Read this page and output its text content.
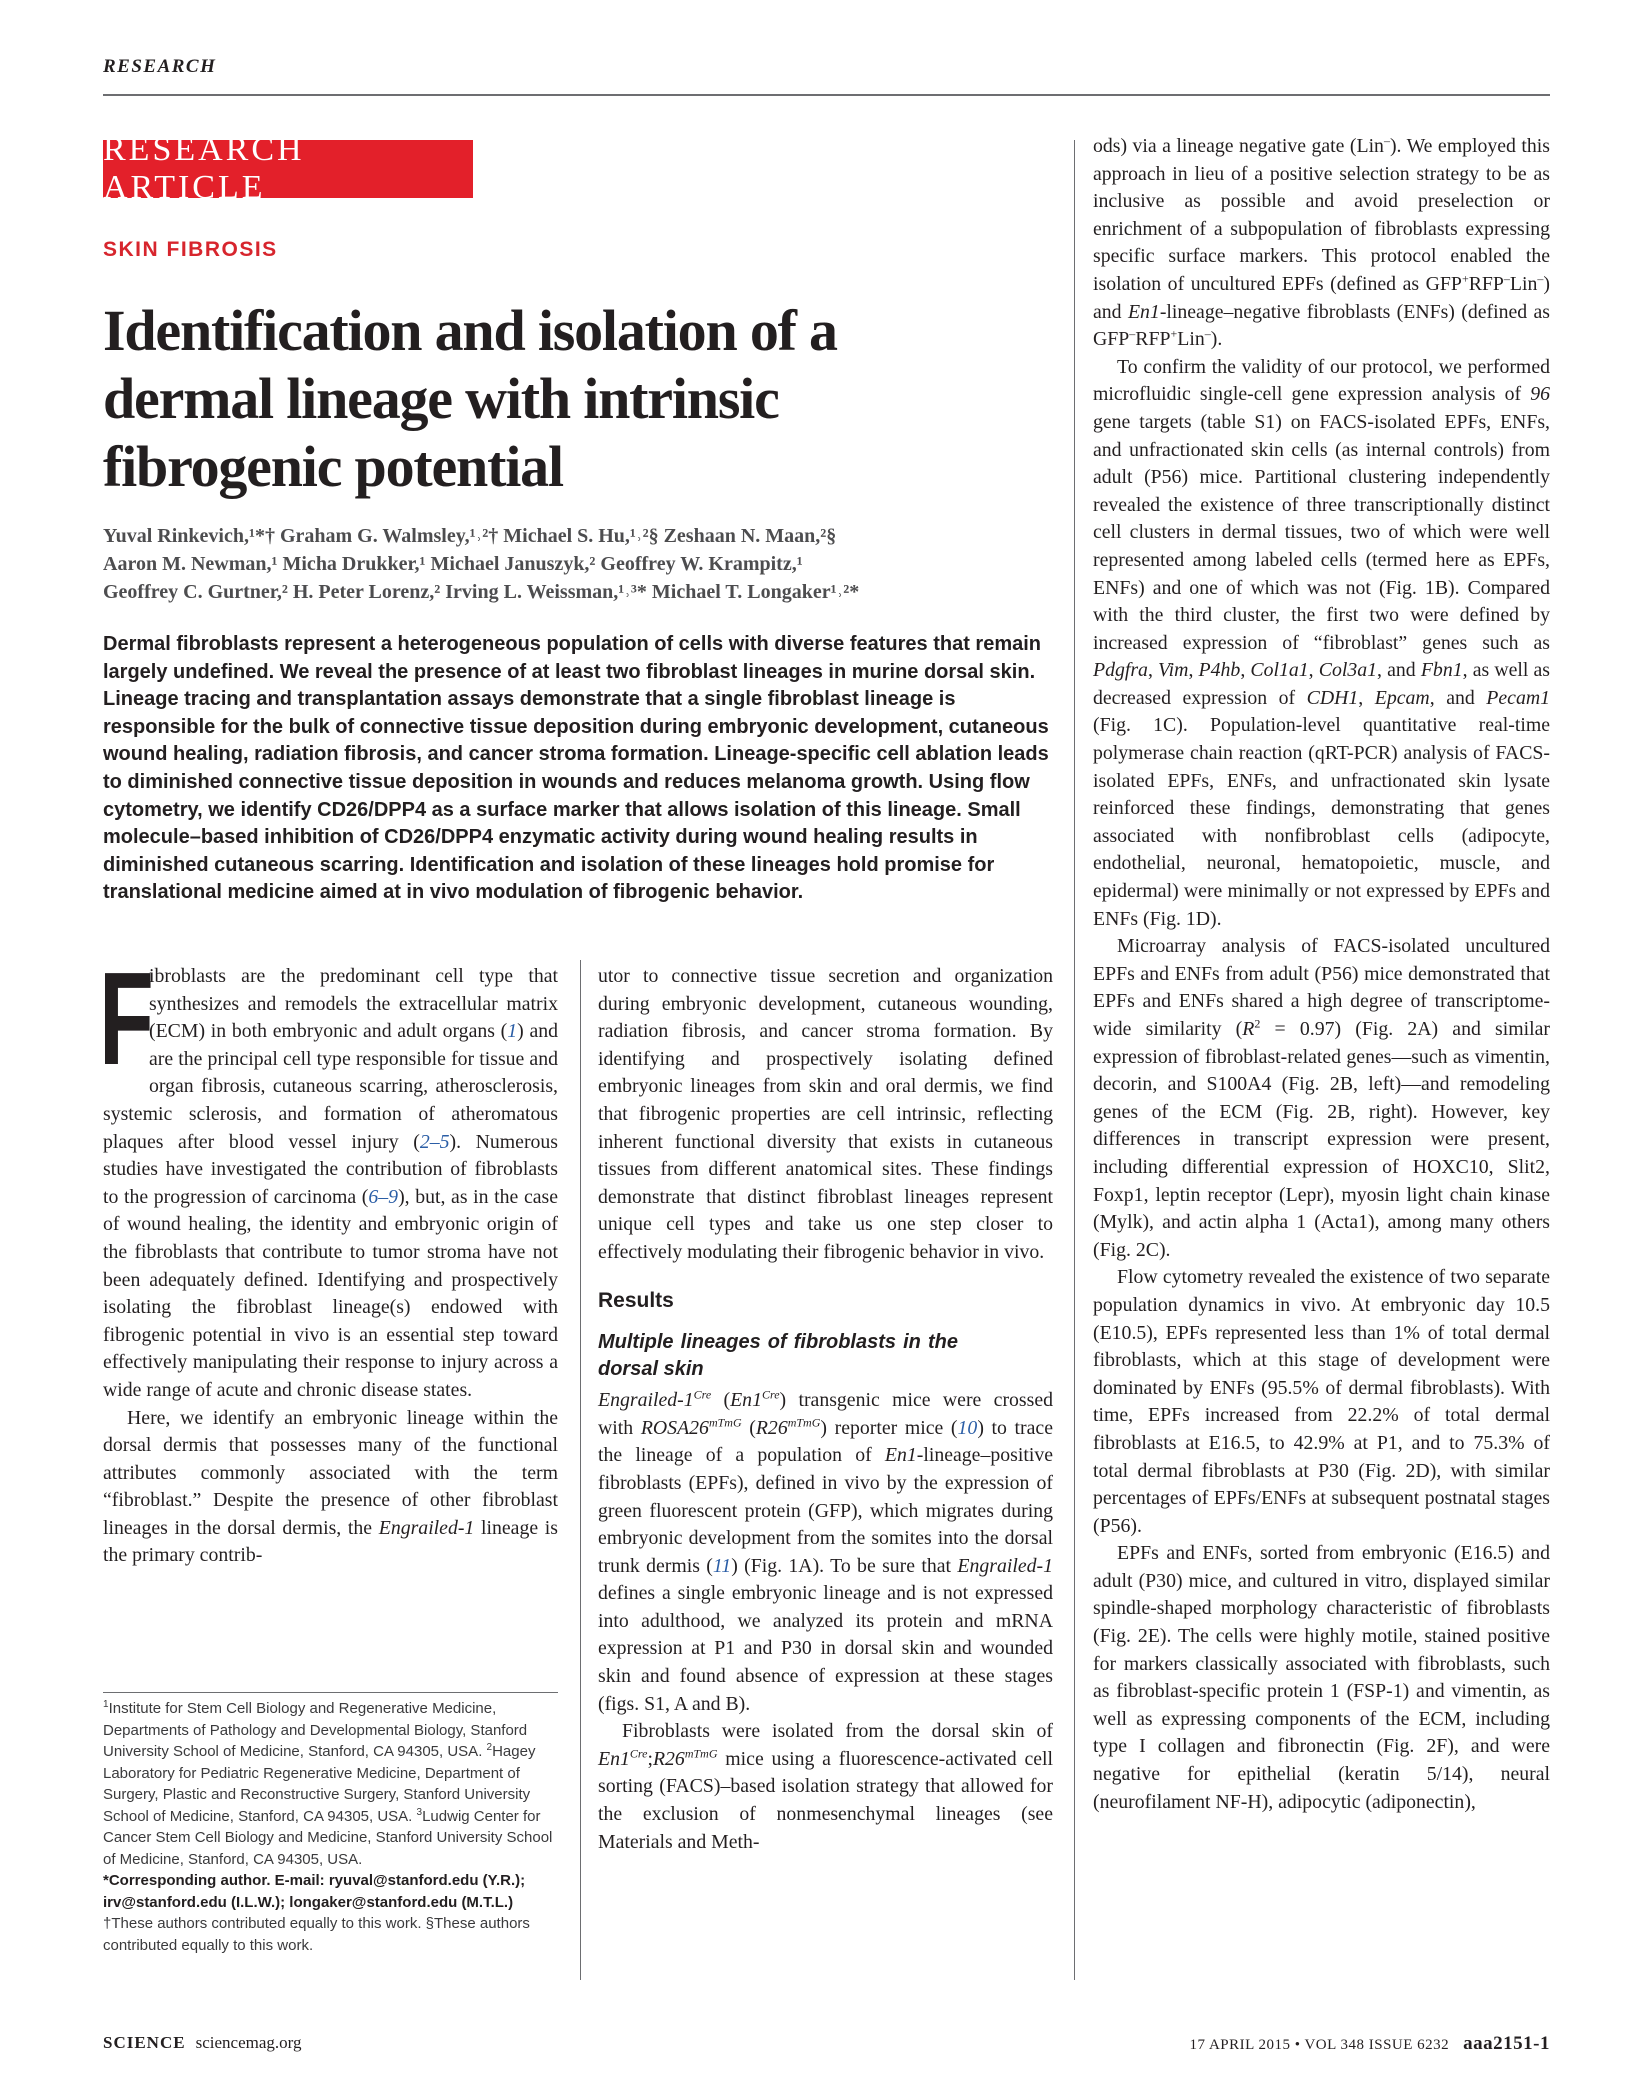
RESEARCH
RESEARCH ARTICLE
SKIN FIBROSIS
Identification and isolation of a dermal lineage with intrinsic fibrogenic potential
Yuval Rinkevich,¹*† Graham G. Walmsley,¹˒²† Michael S. Hu,¹˒²§ Zeshaan N. Maan,²§
Aaron M. Newman,¹ Micha Drukker,¹ Michael Januszyk,² Geoffrey W. Krampitz,¹
Geoffrey C. Gurtner,² H. Peter Lorenz,² Irving L. Weissman,¹˒³* Michael T. Longaker¹˒²*

Dermal fibroblasts represent a heterogeneous population of cells with diverse features that remain largely undefined. We reveal the presence of at least two fibroblast lineages in murine dorsal skin. Lineage tracing and transplantation assays demonstrate that a single fibroblast lineage is responsible for the bulk of connective tissue deposition during embryonic development, cutaneous wound healing, radiation fibrosis, and cancer stroma formation. Lineage-specific cell ablation leads to diminished connective tissue deposition in wounds and reduces melanoma growth. Using flow cytometry, we identify CD26/DPP4 as a surface marker that allows isolation of this lineage. Small molecule–based inhibition of CD26/DPP4 enzymatic activity during wound healing results in diminished cutaneous scarring. Identification and isolation of these lineages hold promise for translational medicine aimed at in vivo modulation of fibrogenic behavior.

F
ibroblasts are the predominant cell type that synthesizes and remodels the extracellular matrix (ECM) in both embryonic and adult organs (1) and are the principal cell type responsible for tissue and organ fibrosis, cutaneous scarring, atherosclerosis, systemic sclerosis, and formation of atheromatous plaques after blood vessel injury (2–5). Numerous studies have investigated the contribution of fibroblasts to the progression of carcinoma (6–9), but, as in the case of wound healing, the identity and embryonic origin of the fibroblasts that contribute to tumor stroma have not been adequately defined. Identifying and prospectively isolating the fibroblast lineage(s) endowed with fibrogenic potential in vivo is an essential step toward effectively manipulating their response to injury across a wide range of acute and chronic disease states.

Here, we identify an embryonic lineage within the dorsal dermis that possesses many of the functional attributes commonly associated with the term “fibroblast.” Despite the presence of other fibroblast lineages in the dorsal dermis, the Engrailed-1 lineage is the primary contrib-

$^1$Institute for Stem Cell Biology and Regenerative Medicine, Departments of Pathology and Developmental Biology, Stanford University School of Medicine, Stanford, CA 94305, USA. $^2$Hagey Laboratory for Pediatric Regenerative Medicine, Department of Surgery, Plastic and Reconstructive Surgery, Stanford University School of Medicine, Stanford, CA 94305, USA. $^3$Ludwig Center for Cancer Stem Cell Biology and Medicine, Stanford University School of Medicine, Stanford, CA 94305, USA.

*Corresponding author. E-mail: ryuval@stanford.edu (Y.R.); irv@stanford.edu (I.L.W.); longaker@stanford.edu (M.T.L.) †These authors contributed equally to this work. §These authors contributed equally to this work.

utor to connective tissue secretion and organization during embryonic development, cutaneous wounding, radiation fibrosis, and cancer stroma formation. By identifying and prospectively isolating defined embryonic lineages from skin and oral dermis, we find that fibrogenic properties are cell intrinsic, reflecting inherent functional diversity that exists in cutaneous tissues from different anatomical sites. These findings demonstrate that distinct fibroblast lineages represent unique cell types and take us one step closer to effectively modulating their fibrogenic behavior in vivo.

Results

Multiple lineages of fibroblasts in the dorsal skin

Engrailed-$1^{Cre}$ $(En1^{Cre})$ transgenic mice were crossed with $ROSA26^{mTmG}$ $(R26^{mTmG})$ reporter mice (10) to trace the lineage of a population of En1-lineage–positive fibroblasts (EPFs), defined in vivo by the expression of green fluorescent protein (GFP), which migrates during embryonic development from the somites into the dorsal trunk dermis (11) (Fig. 1A). To be sure that Engrailed-1 defines a single embryonic lineage and is not expressed into adulthood, we analyzed its protein and mRNA expression at P1 and P30 in dorsal skin and wounded skin and found absence of expression at these stages (figs. S1, A and B).

Fibroblasts were isolated from the dorsal skin of $En1^{Cre};R26^{mTmG}$ mice using a fluorescence-activated cell sorting (FACS)–based isolation strategy that allowed for the exclusion of nonmesenchymal lineages (see Materials and Meth-

ods) via a lineage negative gate (Lin–). We employed this approach in lieu of a positive selection strategy to be as inclusive as possible and avoid preselection or enrichment of a subpopulation of fibroblasts expressing specific surface markers. This protocol enabled the isolation of uncultured EPFs (defined as GFP+RFP–Lin–) and En1-lineage–negative fibroblasts (ENFs) (defined as GFP–RFP+Lin–).

To confirm the validity of our protocol, we performed microfluidic single-cell gene expression analysis of 96 gene targets (table S1) on FACS-isolated EPFs, ENFs, and unfractionated skin cells (as internal controls) from adult (P56) mice. Partitional clustering independently revealed the existence of three transcriptionally distinct cell clusters in dermal tissues, two of which were well represented among labeled cells (termed here as EPFs, ENFs) and one of which was not (Fig. 1B). Compared with the third cluster, the first two were defined by increased expression of “fibroblast” genes such as Pdgfra, Vim, P4hb, Col1a1, Col3a1, and Fbn1, as well as decreased expression of CDH1, Epcam, and Pecam1 (Fig. 1C). Population-level quantitative real-time polymerase chain reaction (qRT-PCR) analysis of FACS-isolated EPFs, ENFs, and unfractionated skin lysate reinforced these findings, demonstrating that genes associated with nonfibroblast cells (adipocyte, endothelial, neuronal, hematopoietic, muscle, and epidermal) were minimally or not expressed by EPFs and ENFs (Fig. 1D).

Microarray analysis of FACS-isolated uncultured EPFs and ENFs from adult (P56) mice demonstrated that EPFs and ENFs shared a high degree of transcriptome-wide similarity $(R^2 = 0.97)$ (Fig. 2A) and similar expression of fibroblast-related genes—such as vimentin, decorin, and S100A4 (Fig. 2B, left)—and remodeling genes of the ECM (Fig. 2B, right). However, key differences in transcript expression were present, including differential expression of HOXC10, Slit2, Foxp1, leptin receptor (Lepr), myosin light chain kinase (Mylk), and actin alpha 1 (Acta1), among many others (Fig. 2C).

Flow cytometry revealed the existence of two separate population dynamics in vivo. At embryonic day 10.5 (E10.5), EPFs represented less than 1% of total dermal fibroblasts, which at this stage of development were dominated by ENFs (95.5% of dermal fibroblasts). With time, EPFs increased from 22.2% of total dermal fibroblasts at E16.5, to 42.9% at P1, and to 75.3% of total dermal fibroblasts at P30 (Fig. 2D), with similar percentages of EPFs/ENFs at subsequent postnatal stages (P56).

EPFs and ENFs, sorted from embryonic (E16.5) and adult (P30) mice, and cultured in vitro, displayed similar spindle-shaped morphology characteristic of fibroblasts (Fig. 2E). The cells were highly motile, stained positive for markers classically associated with fibroblasts, such as fibroblast-specific protein 1 (FSP-1) and vimentin, as well as expressing components of the ECM, including type I collagen and fibronectin (Fig. 2F), and were negative for epithelial (keratin 5/14), neural (neurofilament NF-H), adipocytic (adiponectin),

SCIENCE sciencemag.org	17 APRIL 2015 • VOL 348 ISSUE 6232 aaa2151-1
